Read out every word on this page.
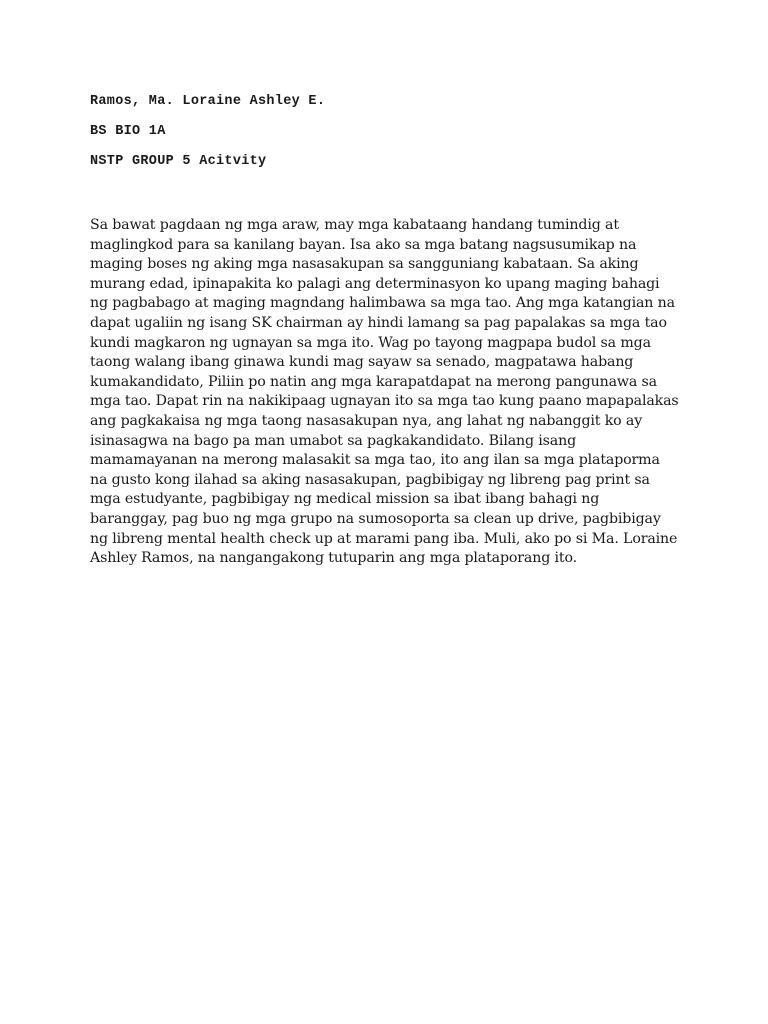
Ramos, Ma. Loraine Ashley E.
BS BIO 1A
NSTP GROUP 5 Acitvity
Sa bawat pagdaan ng mga araw, may mga kabataang handang tumindig at maglingkod para sa kanilang bayan. Isa ako sa mga batang nagsusumikap na maging boses ng aking mga nasasakupan sa sangguniang kabataan. Sa aking murang edad, ipinapakita ko palagi ang determinasyon ko upang maging bahagi ng pagbabago at maging magndang halimbawa sa mga tao. Ang mga katangian na dapat ugaliin ng isang SK chairman ay hindi lamang sa pag papalakas sa mga tao kundi magkaron ng ugnayan sa mga ito. Wag po tayong magpapa budol sa mga taong walang ibang ginawa kundi mag sayaw sa senado, magpatawa habang kumakandidato, Piliin po natin ang mga karapatdapat na merong pangunawa sa mga tao. Dapat rin na nakikipaag ugnayan ito sa mga tao kung paano mapapalakas ang pagkakaisa ng mga taong nasasakupan nya, ang lahat ng nabanggit ko ay isinasagwa na bago pa man umabot sa pagkakandidato. Bilang isang mamamayanan na merong malasakit sa mga tao, ito ang ilan sa mga plataporma na gusto kong ilahad sa aking nasasakupan, pagbibigay ng libreng pag print sa mga estudyante, pagbibigay ng medical mission sa ibat ibang bahagi ng baranggay, pag buo ng mga grupo na sumosoporta sa clean up drive, pagbibigay ng libreng mental health check up at marami pang iba. Muli, ako po si Ma. Loraine Ashley Ramos, na nangangakong tutuparin ang mga plataporang ito.
